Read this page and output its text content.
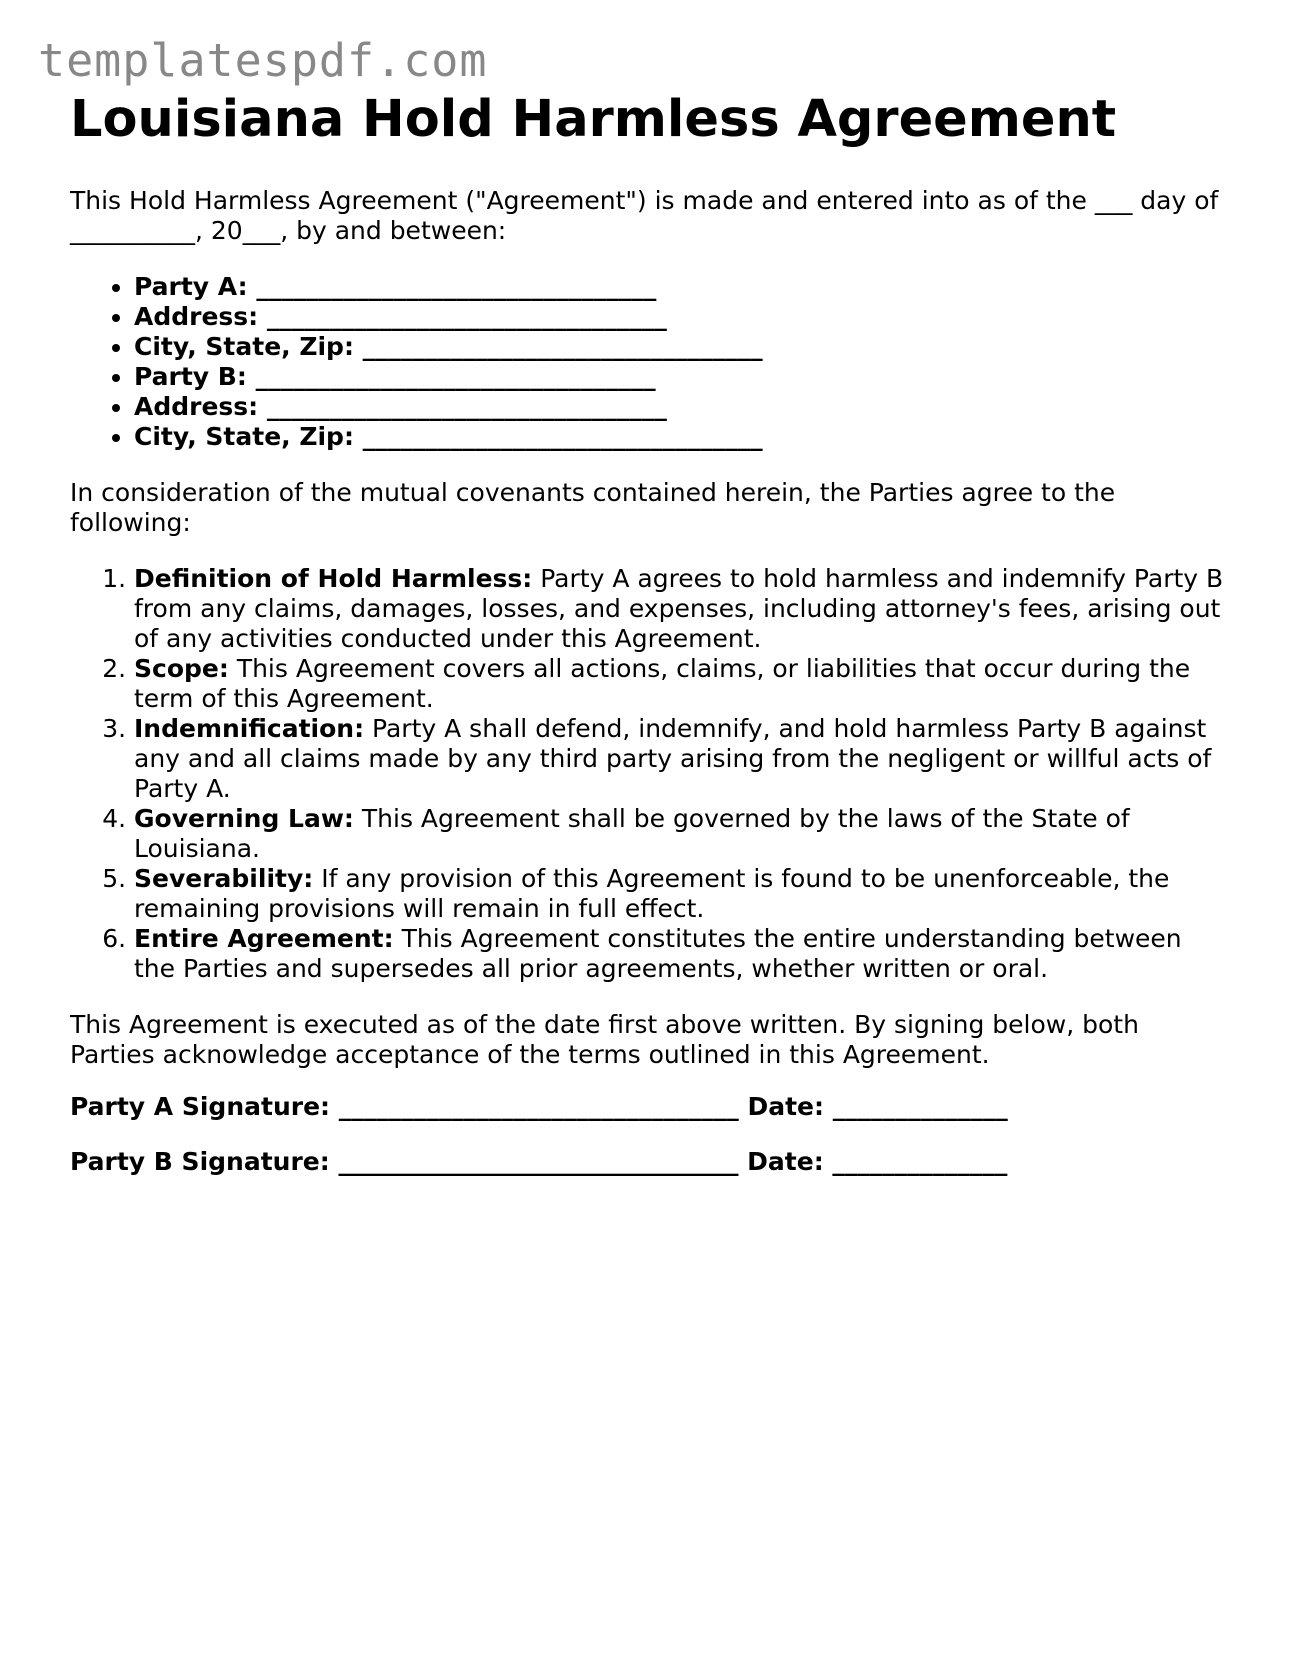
templatespdf.com
Louisiana Hold Harmless Agreement

This Hold Harmless Agreement ("Agreement") is made and entered into as of the ___ day of __________, 20___, by and between:

• Party A: ________________________________
• Address: ________________________________
• City, State, Zip: ________________________________
• Party B: ________________________________
• Address: ________________________________
• City, State, Zip: ________________________________

In consideration of the mutual covenants contained herein, the Parties agree to the following:

1. Definition of Hold Harmless: Party A agrees to hold harmless and indemnify Party B from any claims, damages, losses, and expenses, including attorney's fees, arising out of any activities conducted under this Agreement.
2. Scope: This Agreement covers all actions, claims, or liabilities that occur during the term of this Agreement.
3. Indemnification: Party A shall defend, indemnify, and hold harmless Party B against any and all claims made by any third party arising from the negligent or willful acts of Party A.
4. Governing Law: This Agreement shall be governed by the laws of the State of Louisiana.
5. Severability: If any provision of this Agreement is found to be unenforceable, the remaining provisions will remain in full effect.
6. Entire Agreement: This Agreement constitutes the entire understanding between the Parties and supersedes all prior agreements, whether written or oral.

This Agreement is executed as of the date first above written. By signing below, both Parties acknowledge acceptance of the terms outlined in this Agreement.

Party A Signature: ________________________________ Date: ______________
Party B Signature: ________________________________ Date: ______________
